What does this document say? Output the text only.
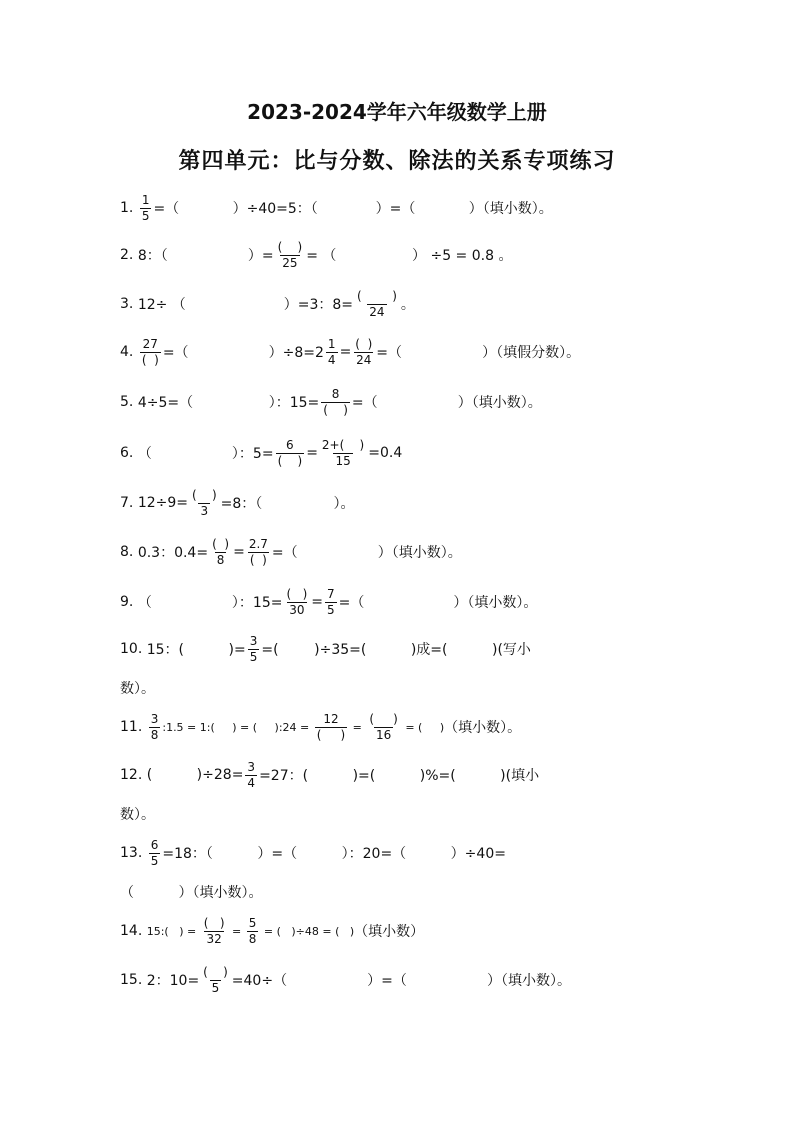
2023-2024学年六年级数学上册
第四单元：比与分数、除法的关系专项练习
1. $\frac{1}{5}$ =（            ）÷40=5：（             ）=（            ）（填小数）。
2. 8：（                  ）= $\frac{( )}{25}$ = （                 ） ÷5 = 0.8 。
3. 12÷ （                      ）=3：$8= \frac{( )}{24}$ 。
4. $\frac{27}{( )}$ =（                  ）$\div 8=2 \frac{1}{4} = \frac{( )}{24}$ =（                  ）（填假分数）。
5. 4÷5=（                 ）：$15= \frac{8}{( )}$ =（                  ）（填小数）。
6. （                  ）：$5= \frac{6}{( )} = \frac{2+( )}{15} =0.4$
7. $12\div 9= \frac{( )}{3} =8$：（                ）。
8. 0.3：$0.4= \frac{( )}{8} = \frac{2.7}{( )}$ =（                  ）（填小数）。
9. （                  ）：$15= \frac{( )}{30} = \frac{7}{5}$ =（                    ）（填小数）。
10. 15：(          )= $\frac{3}{5}$ =(        )÷35=(          )成=(          )(写小
数）。
11. $\frac{3}{8}$ :1.5 = 1:(     ) = (     ):24 = $\frac{12}{( )} = \frac{( )}{16}$ = (     ) （填小数）。
12. (          )$\div 28= \frac{3}{4} =27$：(          )=(          )%=(          )(填小
数）。
13. $\frac{6}{5} =18$：（          ）=（          ）：20=（          ）÷40=
（          ）（填小数）。
14. 15:(   ) = $\frac{( )}{32} = \frac{5}{8}$ = (   )÷48 = (   ) （填小数）
15. 2：$10= \frac{( )}{5} =40\div$（                  ）=（                  ）（填小数）。
